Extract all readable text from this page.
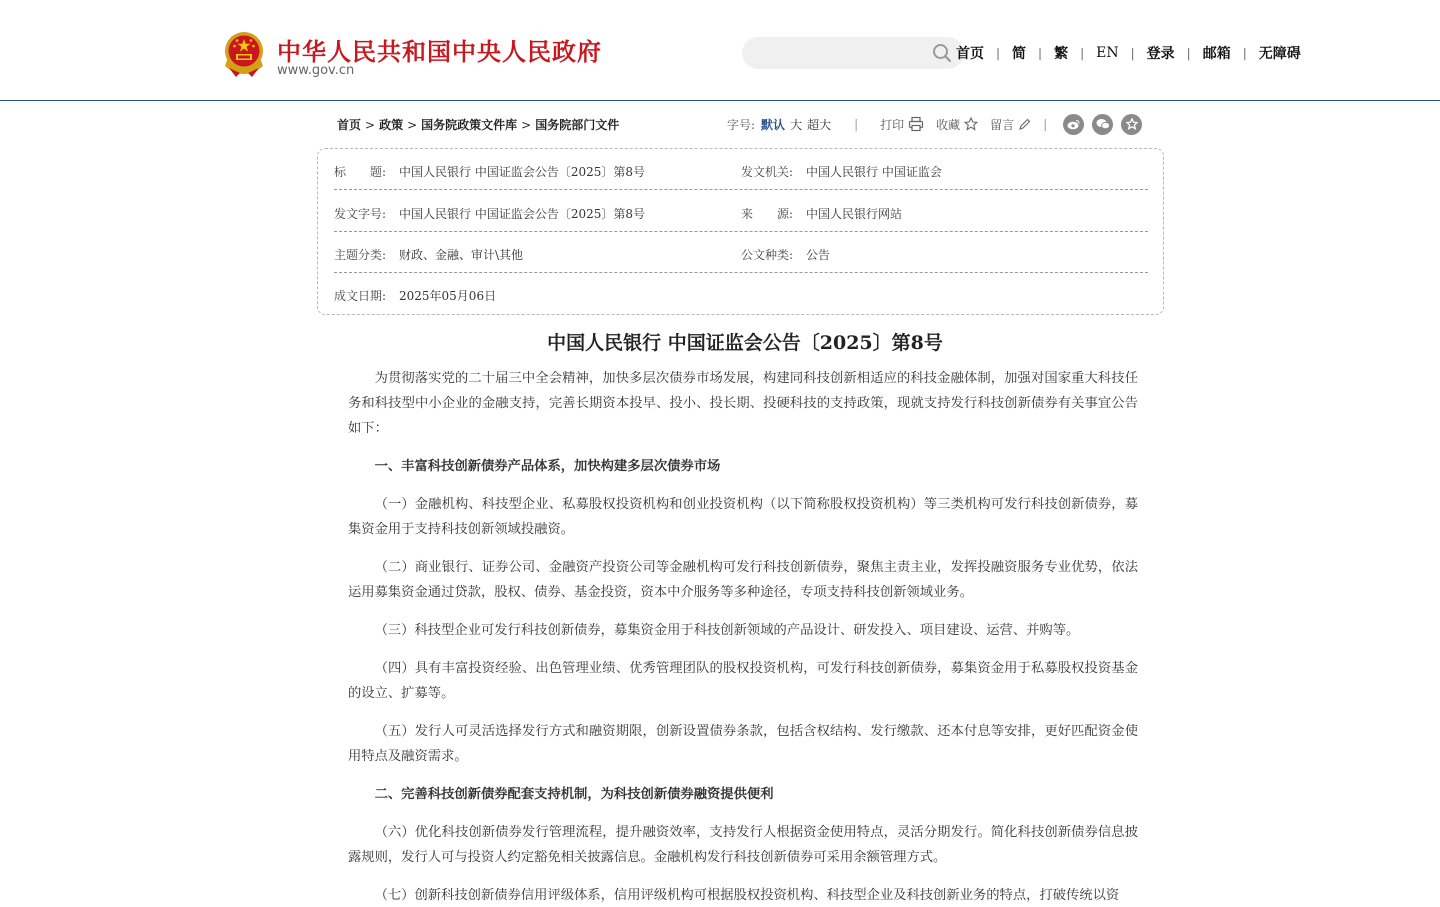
中华人民共和国中央人民政府
www.gov.cn
首页 | 简 | 繁 | EN | 登录 | 邮箱 | 无障碍
首页 > 政策 > 国务院政策文件库 > 国务院部门文件	字号: 默认 大 超大 | 打印	收藏	留言 |
标　　题: 中国人民银行 中国证监会公告〔2025〕第8号	发文机关: 中国人民银行 中国证监会
发文字号: 中国人民银行 中国证监会公告〔2025〕第8号	来　　源: 中国人民银行网站
主题分类: 财政、金融、审计\其他	公文种类: 公告
成文日期: 2025年05月06日
中国人民银行 中国证监会公告〔2025〕第8号

为贯彻落实党的二十届三中全会精神，加快多层次债券市场发展，构建同科技创新相适应的科技金融体制，加强对国家重大科技任务和科技型中小企业的金融支持，完善长期资本投早、投小、投长期、投硬科技的支持政策，现就支持发行科技创新债券有关事宜公告如下：

一、丰富科技创新债券产品体系，加快构建多层次债券市场

（一）金融机构、科技型企业、私募股权投资机构和创业投资机构（以下简称股权投资机构）等三类机构可发行科技创新债券，募集资金用于支持科技创新领域投融资。

（二）商业银行、证券公司、金融资产投资公司等金融机构可发行科技创新债券，聚焦主责主业，发挥投融资服务专业优势，依法运用募集资金通过贷款，股权、债券、基金投资，资本中介服务等多种途径，专项支持科技创新领域业务。

（三）科技型企业可发行科技创新债券，募集资金用于科技创新领域的产品设计、研发投入、项目建设、运营、并购等。

（四）具有丰富投资经验、出色管理业绩、优秀管理团队的股权投资机构，可发行科技创新债券，募集资金用于私募股权投资基金的设立、扩募等。

（五）发行人可灵活选择发行方式和融资期限，创新设置债券条款，包括含权结构、发行缴款、还本付息等安排，更好匹配资金使用特点及融资需求。

二、完善科技创新债券配套支持机制，为科技创新债券融资提供便利

（六）优化科技创新债券发行管理流程，提升融资效率，支持发行人根据资金使用特点，灵活分期发行。简化科技创新债券信息披露规则，发行人可与投资人约定豁免相关披露信息。金融机构发行科技创新债券可采用余额管理方式。

（七）创新科技创新债券信用评级体系，信用评级机构可根据股权投资机构、科技型企业及科技创新业务的特点，打破传统以资
